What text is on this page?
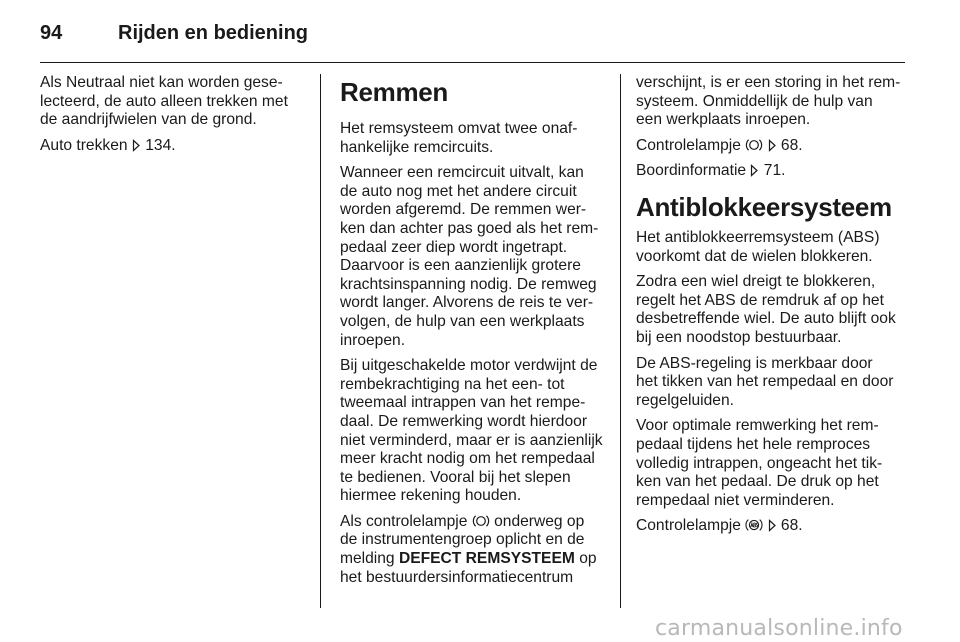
94	Rijden en bediening

Als Neutraal niet kan worden gese-
lecteerd, de auto alleen trekken met
de aandrijfwielen van de grond.

Auto trekken 134.

Remmen

Het remsysteem omvat twee onaf-
hankelijke remcircuits.

Wanneer een remcircuit uitvalt, kan
de auto nog met het andere circuit
worden afgeremd. De remmen wer-
ken dan achter pas goed als het rem-
pedaal zeer diep wordt ingetrapt.
Daarvoor is een aanzienlijk grotere
krachtsinspanning nodig. De remweg
wordt langer. Alvorens de reis te ver-
volgen, de hulp van een werkplaats
inroepen.

Bij uitgeschakelde motor verdwijnt de
rembekrachtiging na het een- tot
tweemaal intrappen van het rempe-
daal. De remwerking wordt hierdoor
niet verminderd, maar er is aanzienlijk
meer kracht nodig om het rempedaal
te bedienen. Vooral bij het slepen
hiermee rekening houden.

Als controlelampje onderweg op
de instrumentengroep oplicht en de
melding DEFECT REMSYSTEEM op
het bestuurdersinformatiecentrum

verschijnt, is er een storing in het rem-
systeem. Onmiddellijk de hulp van
een werkplaats inroepen.

Controlelampje	68.

Boordinformatie 71.

Antiblokkeersysteem

Het antiblokkeerremsysteem (ABS)
voorkomt dat de wielen blokkeren.

Zodra een wiel dreigt te blokkeren,
regelt het ABS de remdruk af op het
desbetreffende wiel. De auto blijft ook
bij een noodstop bestuurbaar.

De ABS-regeling is merkbaar door
het tikken van het rempedaal en door
regelgeluiden.

Voor optimale remwerking het rem-
pedaal tijdens het hele remproces
volledig intrappen, ongeacht het tik-
ken van het pedaal. De druk op het
rempedaal niet verminderen.

Controlelampje	68.

carmanualsonline.info
